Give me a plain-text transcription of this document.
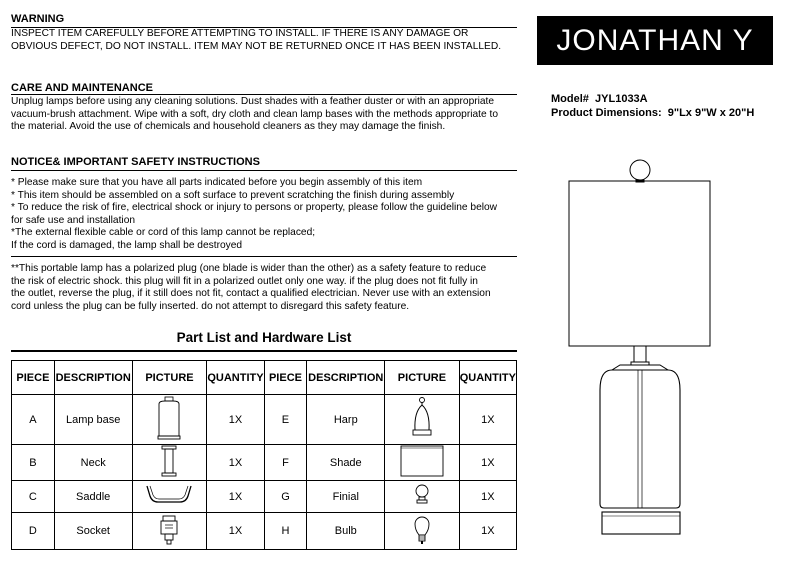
WARNING
INSPECT ITEM CAREFULLY BEFORE ATTEMPTING TO INSTALL. IF THERE IS ANY DAMAGE OR
OBVIOUS DEFECT, DO NOT INSTALL. ITEM MAY NOT BE RETURNED ONCE IT HAS BEEN INSTALLED.	JONATHAN Y
CARE AND MAINTENANCE
Unplug lamps before using any cleaning solutions. Dust shades with a feather duster or with an appropriate
vacuum-brush attachment. Wipe with a soft, dry cloth and clean lamp bases with the methods appropriate to
the material. Avoid the use of chemicals and household cleaners as they may damage the finish.
Model# JYL1033A
Product Dimensions: 9"Lx 9"W x 20"H
NOTICE& IMPORTANT SAFETY INSTRUCTIONS
* Please make sure that you have all parts indicated before you begin assembly of this item
* This item should be assembled on a soft surface to prevent scratching the finish during assembly
* To reduce the risk of fire, electrical shock or injury to persons or property, please follow the guideline below
for safe use and installation
*The external flexible cable or cord of this lamp cannot be replaced;
If the cord is damaged, the lamp shall be destroyed
**This portable lamp has a polarized plug (one blade is wider than the other) as a safety feature to reduce
the risk of electric shock. this plug will fit in a polarized outlet only one way. if the plug does not fit fully in
the outlet, reverse the plug, if it still does not fit, contact a qualified electrician. Never use with an extension
cord unless the plug can be fully inserted. do not attempt to disregard this safety feature.
Part List and Hardware List
PIECE	DESCRIPTION	PICTURE	QUANTITY	PIECE	DESCRIPTION	PICTURE	QUANTITY
A	Lamp base		1X	E	Harp		1X
B	Neck		1X	F	Shade		1X
C	Saddle		1X	G	Finial		1X
D	Socket		1X	H	Bulb		1X
